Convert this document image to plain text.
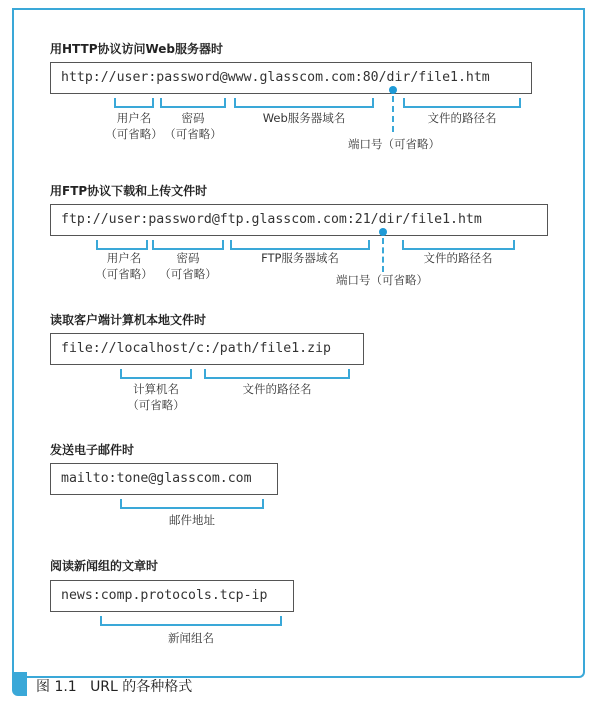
用HTTP协议访问Web服务器时
http://user:password@www.glasscom.com:80/dir/file1.htm
用户名
（可省略）
密码
（可省略）
Web服务器域名	文件的路径名
端口号（可省略）
用FTP协议下载和上传文件时
ftp://user:password@ftp.glasscom.com:21/dir/file1.htm
用户名
（可省略）
密码
（可省略）
FTP服务器域名	文件的路径名
端口号（可省略）
读取客户端计算机本地文件时
file://localhost/c:/path/file1.zip
计算机名
（可省略）
文件的路径名
发送电子邮件时
mailto:tone@glasscom.com
邮件地址
阅读新闻组的文章时
news:comp.protocols.tcp-ip
新闻组名
图 1.1   URL 的各种格式
